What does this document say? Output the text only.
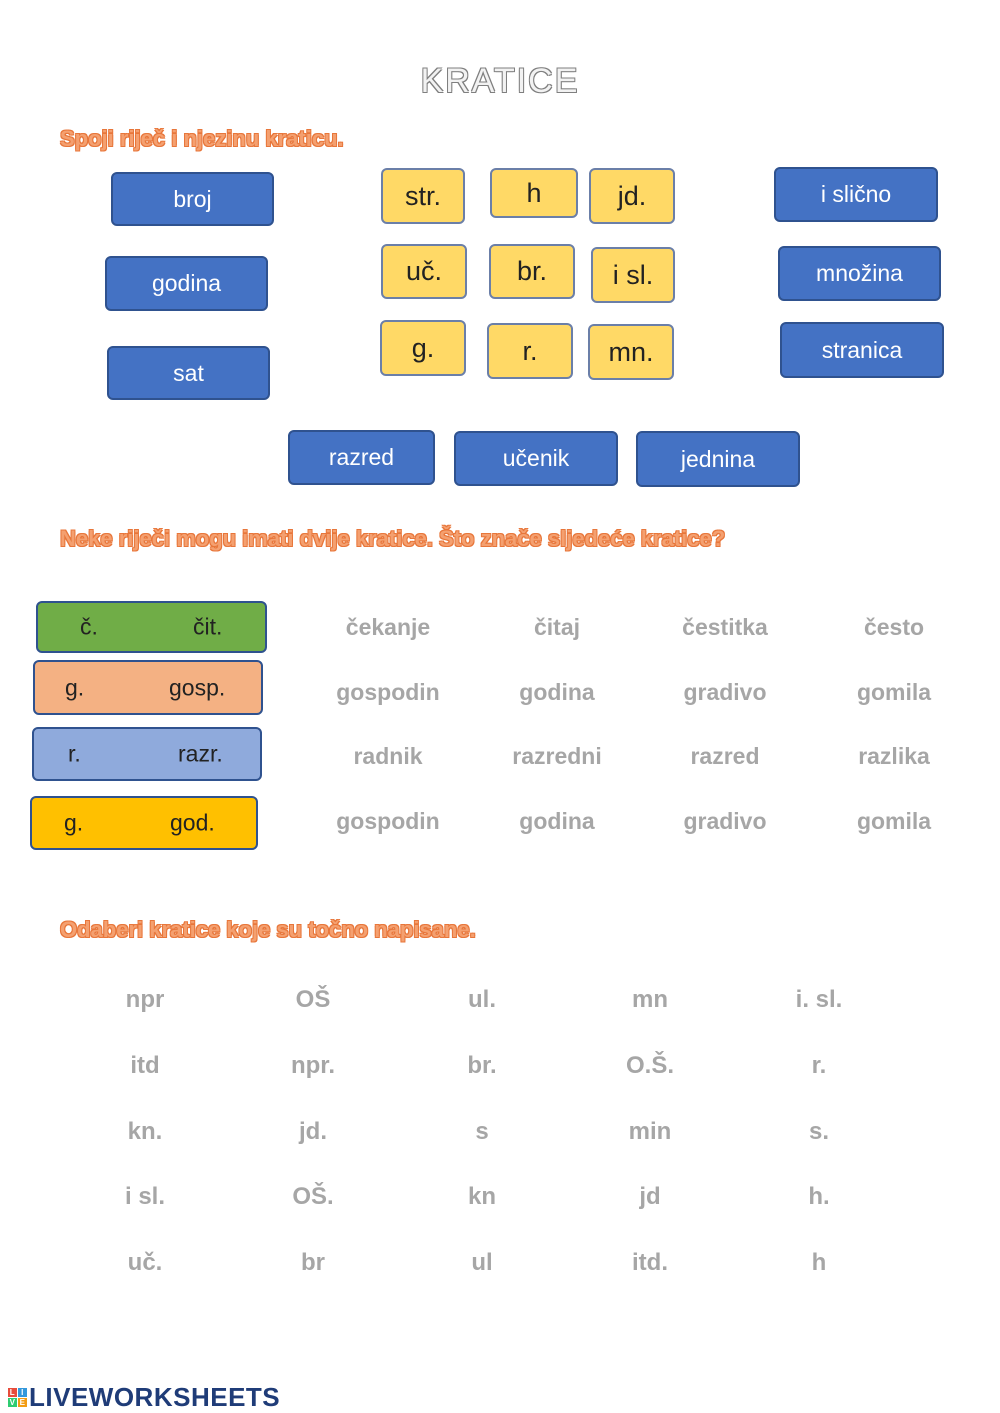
KRATICE
Spoji riječ i njezinu kraticu.
broj
godina
sat
str.	h	jd.
uč.	br.	i sl.
g.	r.	mn.
i slično
množina
stranica
razred	učenik	jednina
Neke riječi mogu imati dvije kratice. Što znače sljedeće kratice?
č.	čit.
g.	gosp.
r.	razr.
g.	god.
čekanje	čitaj	čestitka	često
gospodin	godina	gradivo	gomila
radnik	razredni	razred	razlika
gospodin	godina	gradivo	gomila
Odaberi kratice koje su točno napisane.
npr	OŠ	ul.	mn	i. sl.
itd	npr.	br.	O.Š.	r.
kn.	jd.	s	min	s.
i sl.	OŠ.	kn	jd	h.
uč.	br	ul	itd.	h
L I
V E LIVEWORKSHEETS
